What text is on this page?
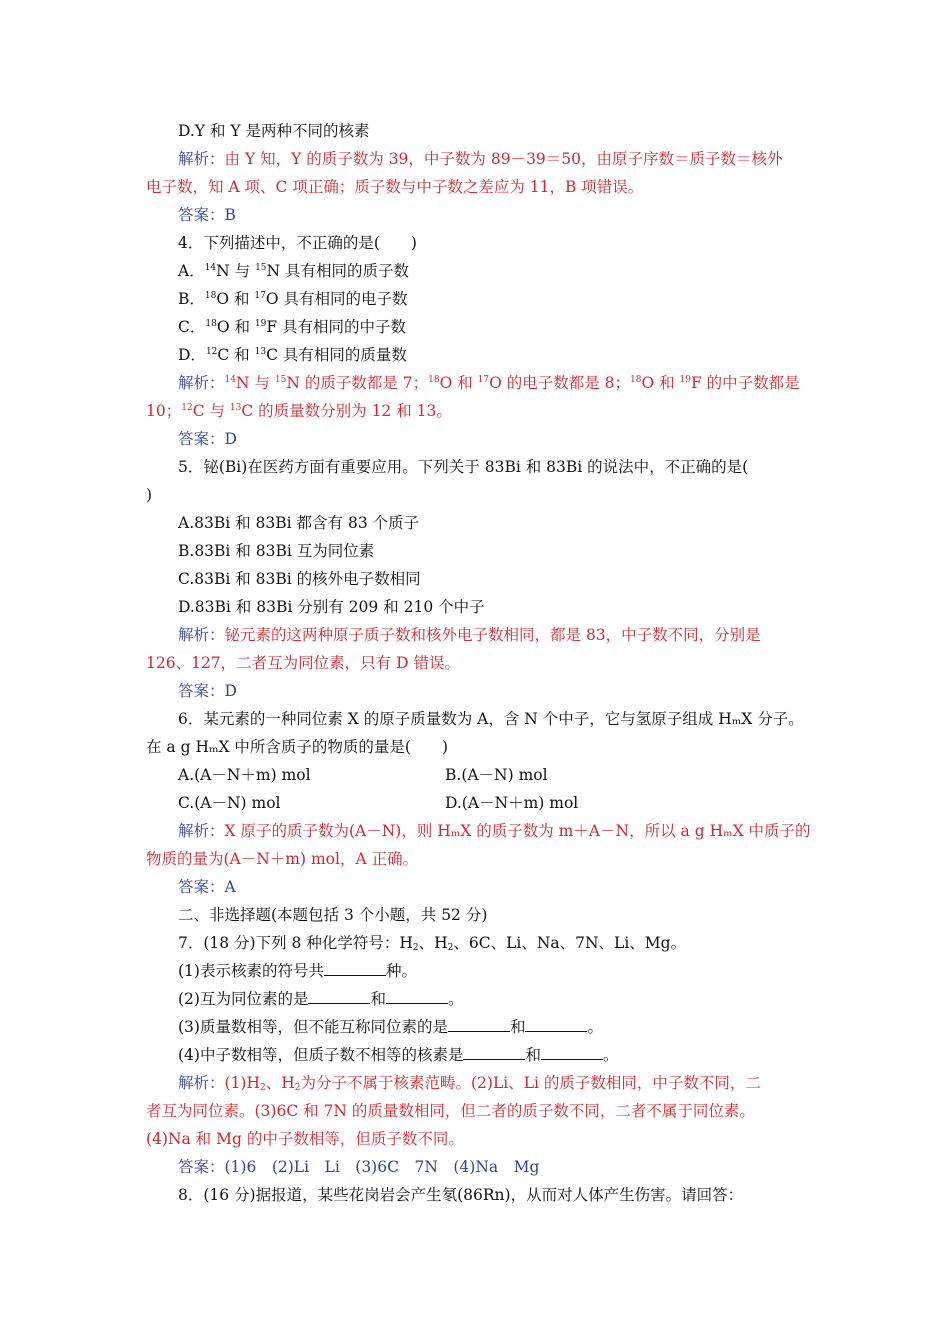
D.Y 和 Y 是两种不同的核素
解析：由 Y 知，Y 的质子数为 39，中子数为 89－39＝50，由原子序数＝质子数＝核外
电子数，知 A 项、C 项正确；质子数与中子数之差应为 11，B 项错误。
答案：B
4．下列描述中，不正确的是(　　)
A．$^{14}$N 与 $^{15}$N 具有相同的质子数
B．$^{18}$O 和 $^{17}$O 具有相同的电子数
C．$^{18}$O 和 $^{19}$F 具有相同的中子数
D．$^{12}$C 和 $^{13}$C 具有相同的质量数
解析：$^{14}$N 与 $^{15}$N 的质子数都是 7；$^{18}$O 和 $^{17}$O 的电子数都是 8；$^{18}$O 和 $^{19}$F 的中子数都是
10；$^{12}$C 与 $^{13}$C 的质量数分别为 12 和 13。
答案：D
5．铋(Bi)在医药方面有重要应用。下列关于 83Bi 和 83Bi 的说法中，不正确的是(
)
A.83Bi 和 83Bi 都含有 83 个质子
B.83Bi 和 83Bi 互为同位素
C.83Bi 和 83Bi 的核外电子数相同
D.83Bi 和 83Bi 分别有 209 和 210 个中子
解析：铋元素的这两种原子质子数和核外电子数相同，都是 83，中子数不同，分别是
126、127，二者互为同位素，只有 D 错误。
答案：D
6．某元素的一种同位素 X 的原子质量数为 A，含 N 个中子，它与氢原子组成 HₘX 分子。
在 a g HₘX 中所含质子的物质的量是(　　)
A.(A－N＋m) mol	B.(A－N) mol
C.(A－N) mol	D.(A－N＋m) mol
解析：X 原子的质子数为(A－N)，则 HₘX 的质子数为 m＋A－N，所以 a g HₘX 中质子的
物质的量为(A－N＋m) mol，A 正确。
答案：A
二、非选择题(本题包括 3 个小题，共 52 分)
7．(18 分)下列 8 种化学符号：$H_2$、$H_2$、6C、Li、Na、7N、Li、Mg。
(1)表示核素的符号共	种。
(2)互为同位素的是	和	。
(3)质量数相等，但不能互称同位素的是	和	。
(4)中子数相等，但质子数不相等的核素是	和	。
解析：$(1)H_2$、$H_2$为分子不属于核素范畴。(2)Li、Li 的质子数相同，中子数不同，二
者互为同位素。(3)6C 和 7N 的质量数相同，但二者的质子数不同，二者不属于同位素。
(4)Na 和 Mg 的中子数相等，但质子数不同。
答案：(1)6　(2)Li　Li　(3)6C　7N　(4)Na　Mg
8．(16 分)据报道，某些花岗岩会产生氡(86Rn)，从而对人体产生伤害。请回答：
